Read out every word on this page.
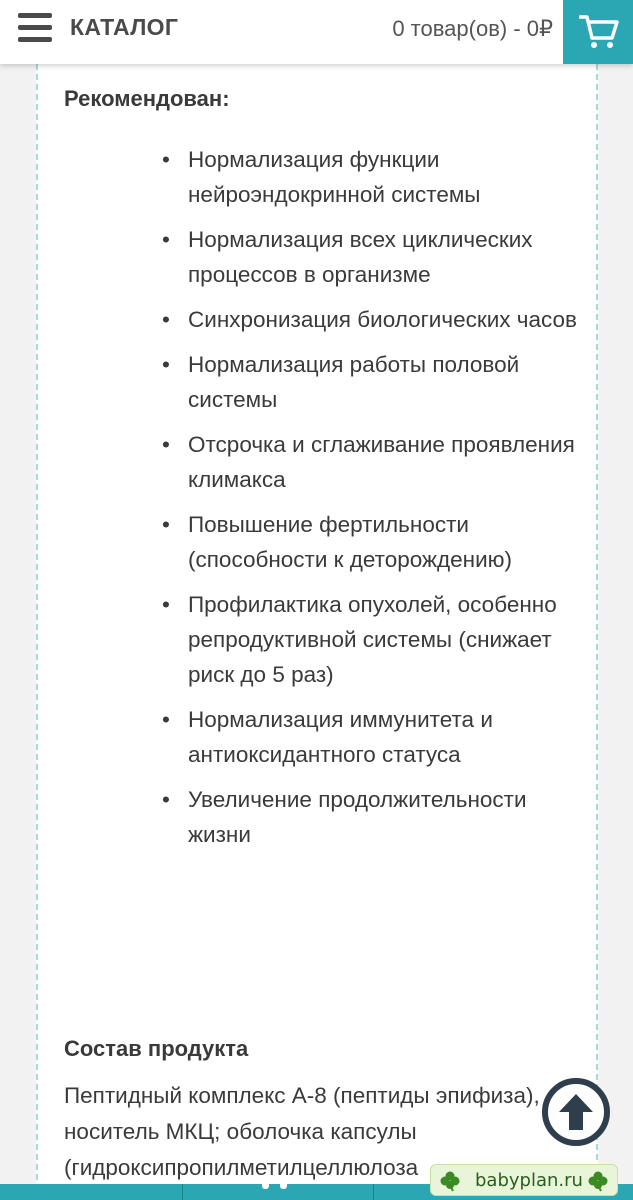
КАТАЛОГ	0 товар(ов) - 0₽
Рекомендован:
• Нормализация функции нейроэндокринной системы
• Нормализация всех циклических процессов в организме
• Синхронизация биологических часов
• Нормализация работы половой системы
• Отсрочка и сглаживание проявления климакса
• Повышение фертильности (способности к деторождению)
• Профилактика опухолей, особенно репродуктивной системы (снижает риск до 5 раз)
• Нормализация иммунитета и антиоксидантного статуса
• Увеличение продолжительности жизни
Состав продукта
Пептидный комплекс А-8 (пептиды эпифиза), носитель МКЦ; оболочка капсулы (гидроксипропилметилцеллюлоза
babyplan.ru
